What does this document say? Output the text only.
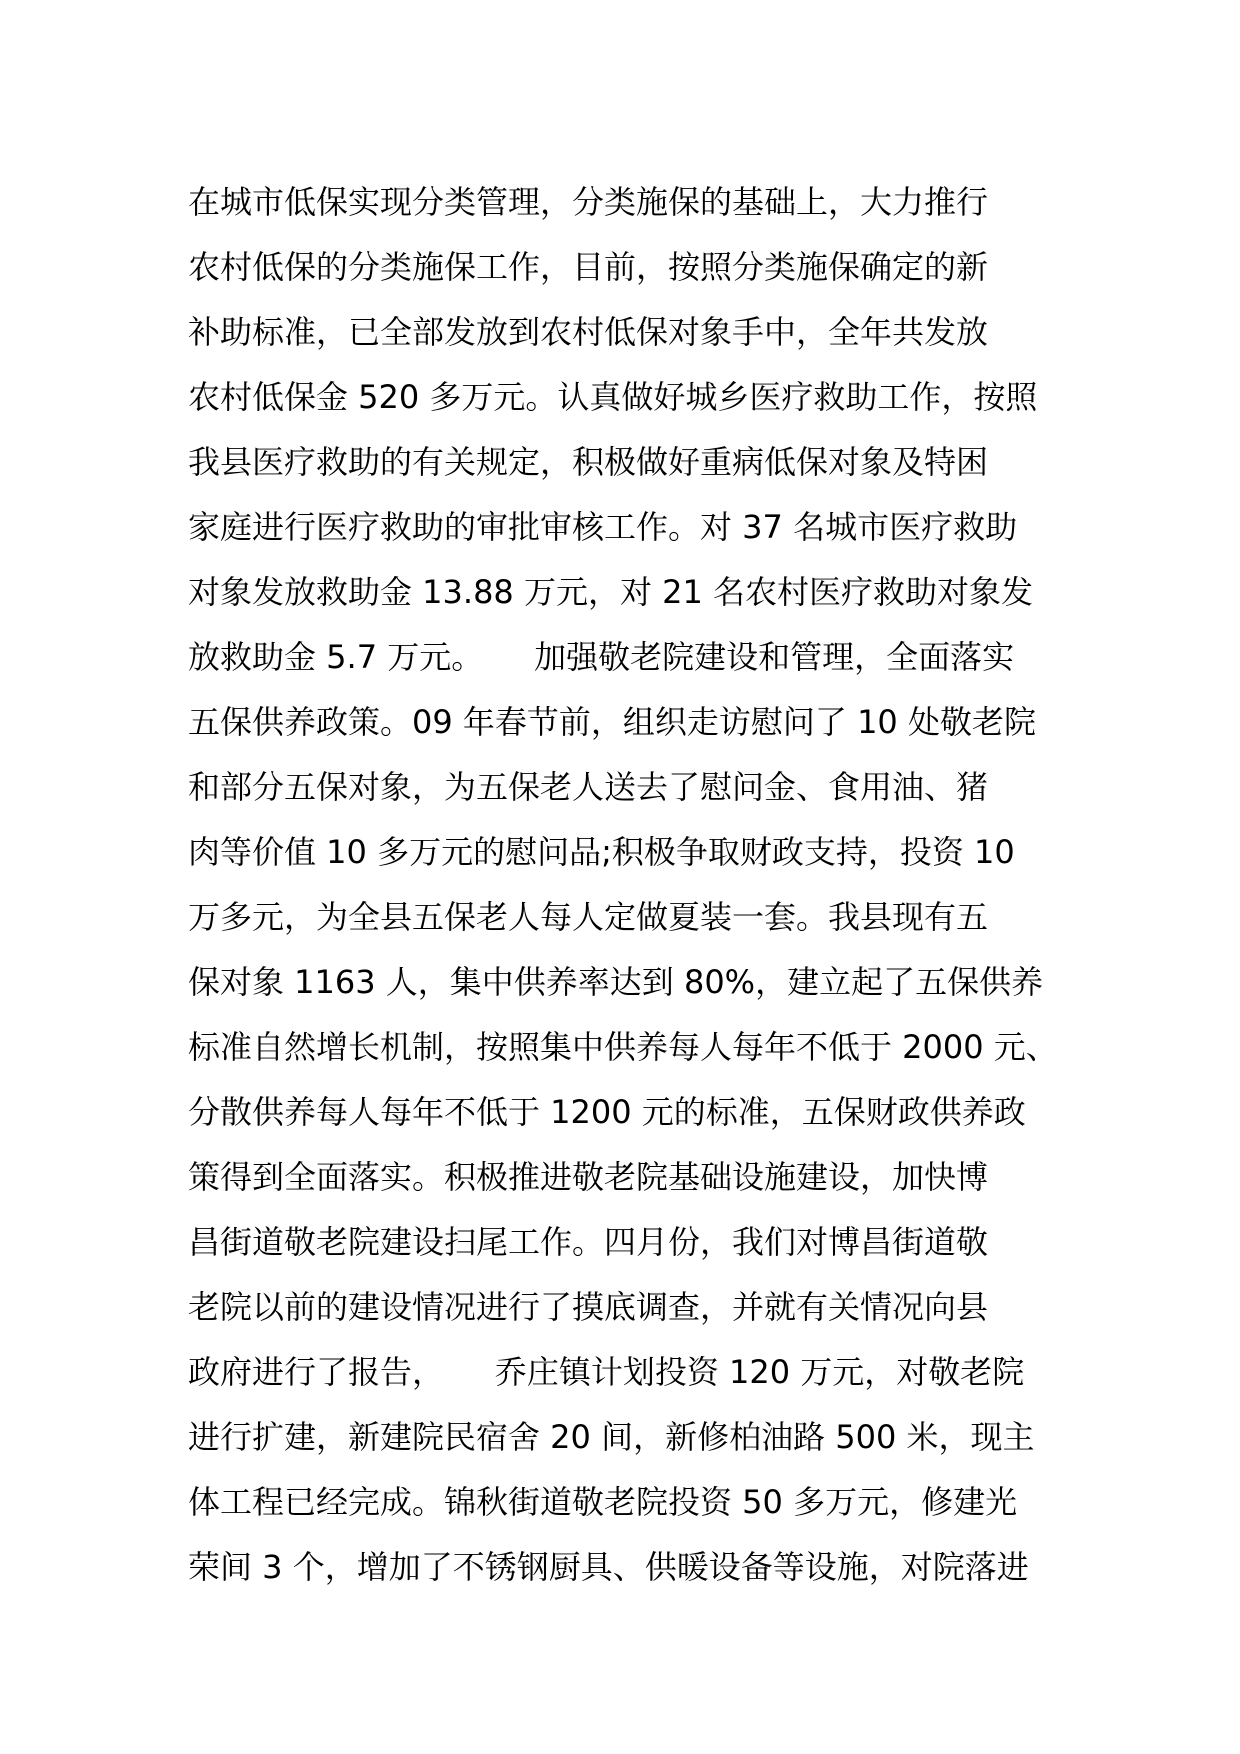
在城市低保实现分类管理，分类施保的基础上，大力推行
农村低保的分类施保工作，目前，按照分类施保确定的新
补助标准，已全部发放到农村低保对象手中，全年共发放
农村低保金 520 多万元。认真做好城乡医疗救助工作，按照
我县医疗救助的有关规定，积极做好重病低保对象及特困
家庭进行医疗救助的审批审核工作。对 37 名城市医疗救助
对象发放救助金 13.88 万元，对 21 名农村医疗救助对象发
放救助金 5.7 万元。     加强敬老院建设和管理，全面落实
五保供养政策。09 年春节前，组织走访慰问了 10 处敬老院
和部分五保对象，为五保老人送去了慰问金、食用油、猪
肉等价值 10 多万元的慰问品;积极争取财政支持，投资 10
万多元，为全县五保老人每人定做夏装一套。我县现有五
保对象 1163 人，集中供养率达到 80%，建立起了五保供养
标准自然增长机制，按照集中供养每人每年不低于 2000 元、
分散供养每人每年不低于 1200 元的标准，五保财政供养政
策得到全面落实。积极推进敬老院基础设施建设，加快博
昌街道敬老院建设扫尾工作。四月份，我们对博昌街道敬
老院以前的建设情况进行了摸底调查，并就有关情况向县
政府进行了报告，     乔庄镇计划投资 120 万元，对敬老院
进行扩建，新建院民宿舍 20 间，新修柏油路 500 米，现主
体工程已经完成。锦秋街道敬老院投资 50 多万元，修建光
荣间 3 个，增加了不锈钢厨具、供暖设备等设施，对院落进
